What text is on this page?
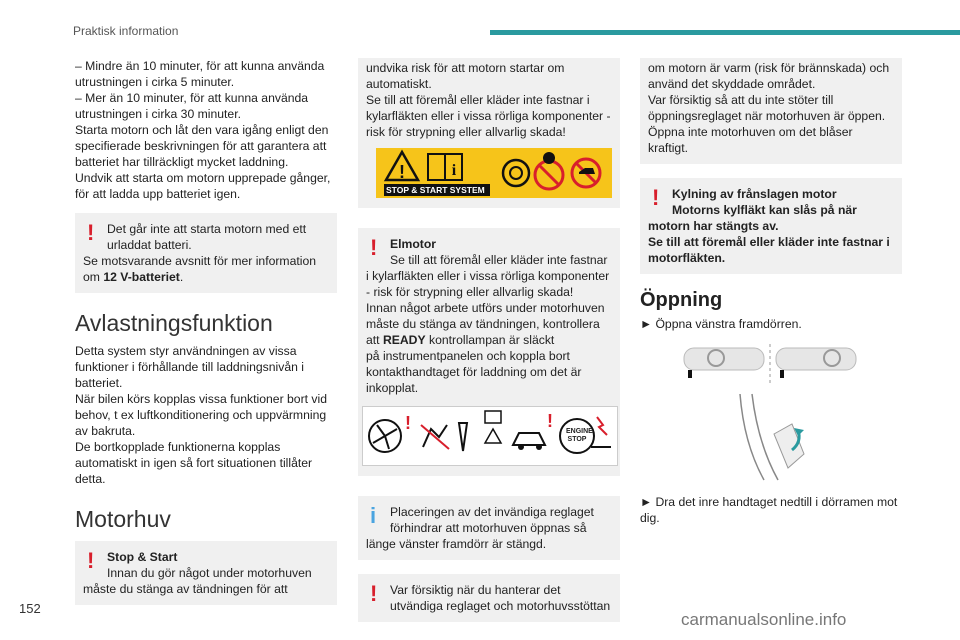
Praktisk information

– Mindre än 10 minuter, för att kunna använda

utrustningen i cirka 5 minuter.

– Mer än 10 minuter, för att kunna använda

utrustningen i cirka 30 minuter.

Starta motorn och låt den vara igång enligt den

specifierade beskrivningen för att garantera att

batteriet har tillräckligt mycket laddning.

Undvik att starta om motorn upprepade gånger,

för att ladda upp batteriet igen.

!	Det går inte att starta motorn med ett
urladdat batteri.

Se motsvarande avsnitt för mer information

om 12 V-batteriet.

Avlastningsfunktion

Detta system styr användningen av vissa

funktioner i förhållande till laddningsnivån i

batteriet.

När bilen körs kopplas vissa funktioner bort vid

behov, t ex luftkonditionering och uppvärmning

av bakruta.

De bortkopplade funktionerna kopplas

automatiskt in igen så fort situationen tillåter

detta.

Motorhuv

!	Stop & Start
Innan du gör något under motorhuven

måste du stänga av tändningen för att

undvika risk för att motorn startar om

automatiskt.

Se till att föremål eller kläder inte fastnar i

kylarfläkten eller i vissa rörliga komponenter -

risk för strypning eller allvarlig skada!

!	i
STOP & START SYSTEM
!	Elmotor
Se till att föremål eller kläder inte fastnar

i kylarfläkten eller i vissa rörliga komponenter

- risk för strypning eller allvarlig skada!

Innan något arbete utförs under motorhuven

måste du stänga av tändningen, kontrollera

att READY kontrollampan är släckt

på instrumentpanelen och koppla bort

kontakthandtaget för laddning om det är

inkopplat.

!	!
ENGINE
STOP
i	Placeringen av det invändiga reglaget
förhindrar att motorhuven öppnas så

länge vänster framdörr är stängd.

!	Var försiktig när du hanterar det
utvändiga reglaget och motorhuvsstöttan

om motorn är varm (risk för brännskada) och

använd det skyddade området.

Var försiktig så att du inte stöter till

öppningsreglaget när motorhuven är öppen.

Öppna inte motorhuven om det blåser kraftigt.

!	Kylning av frånslagen motor
Motorns kylfläkt kan slås på när

motorn har stängts av.

Se till att föremål eller kläder inte fastnar i

motorfläkten.

Öppning

► Öppna vänstra framdörren.

► Dra det inre handtaget nedtill i dörramen mot

dig.

152
carmanualsonline.info
